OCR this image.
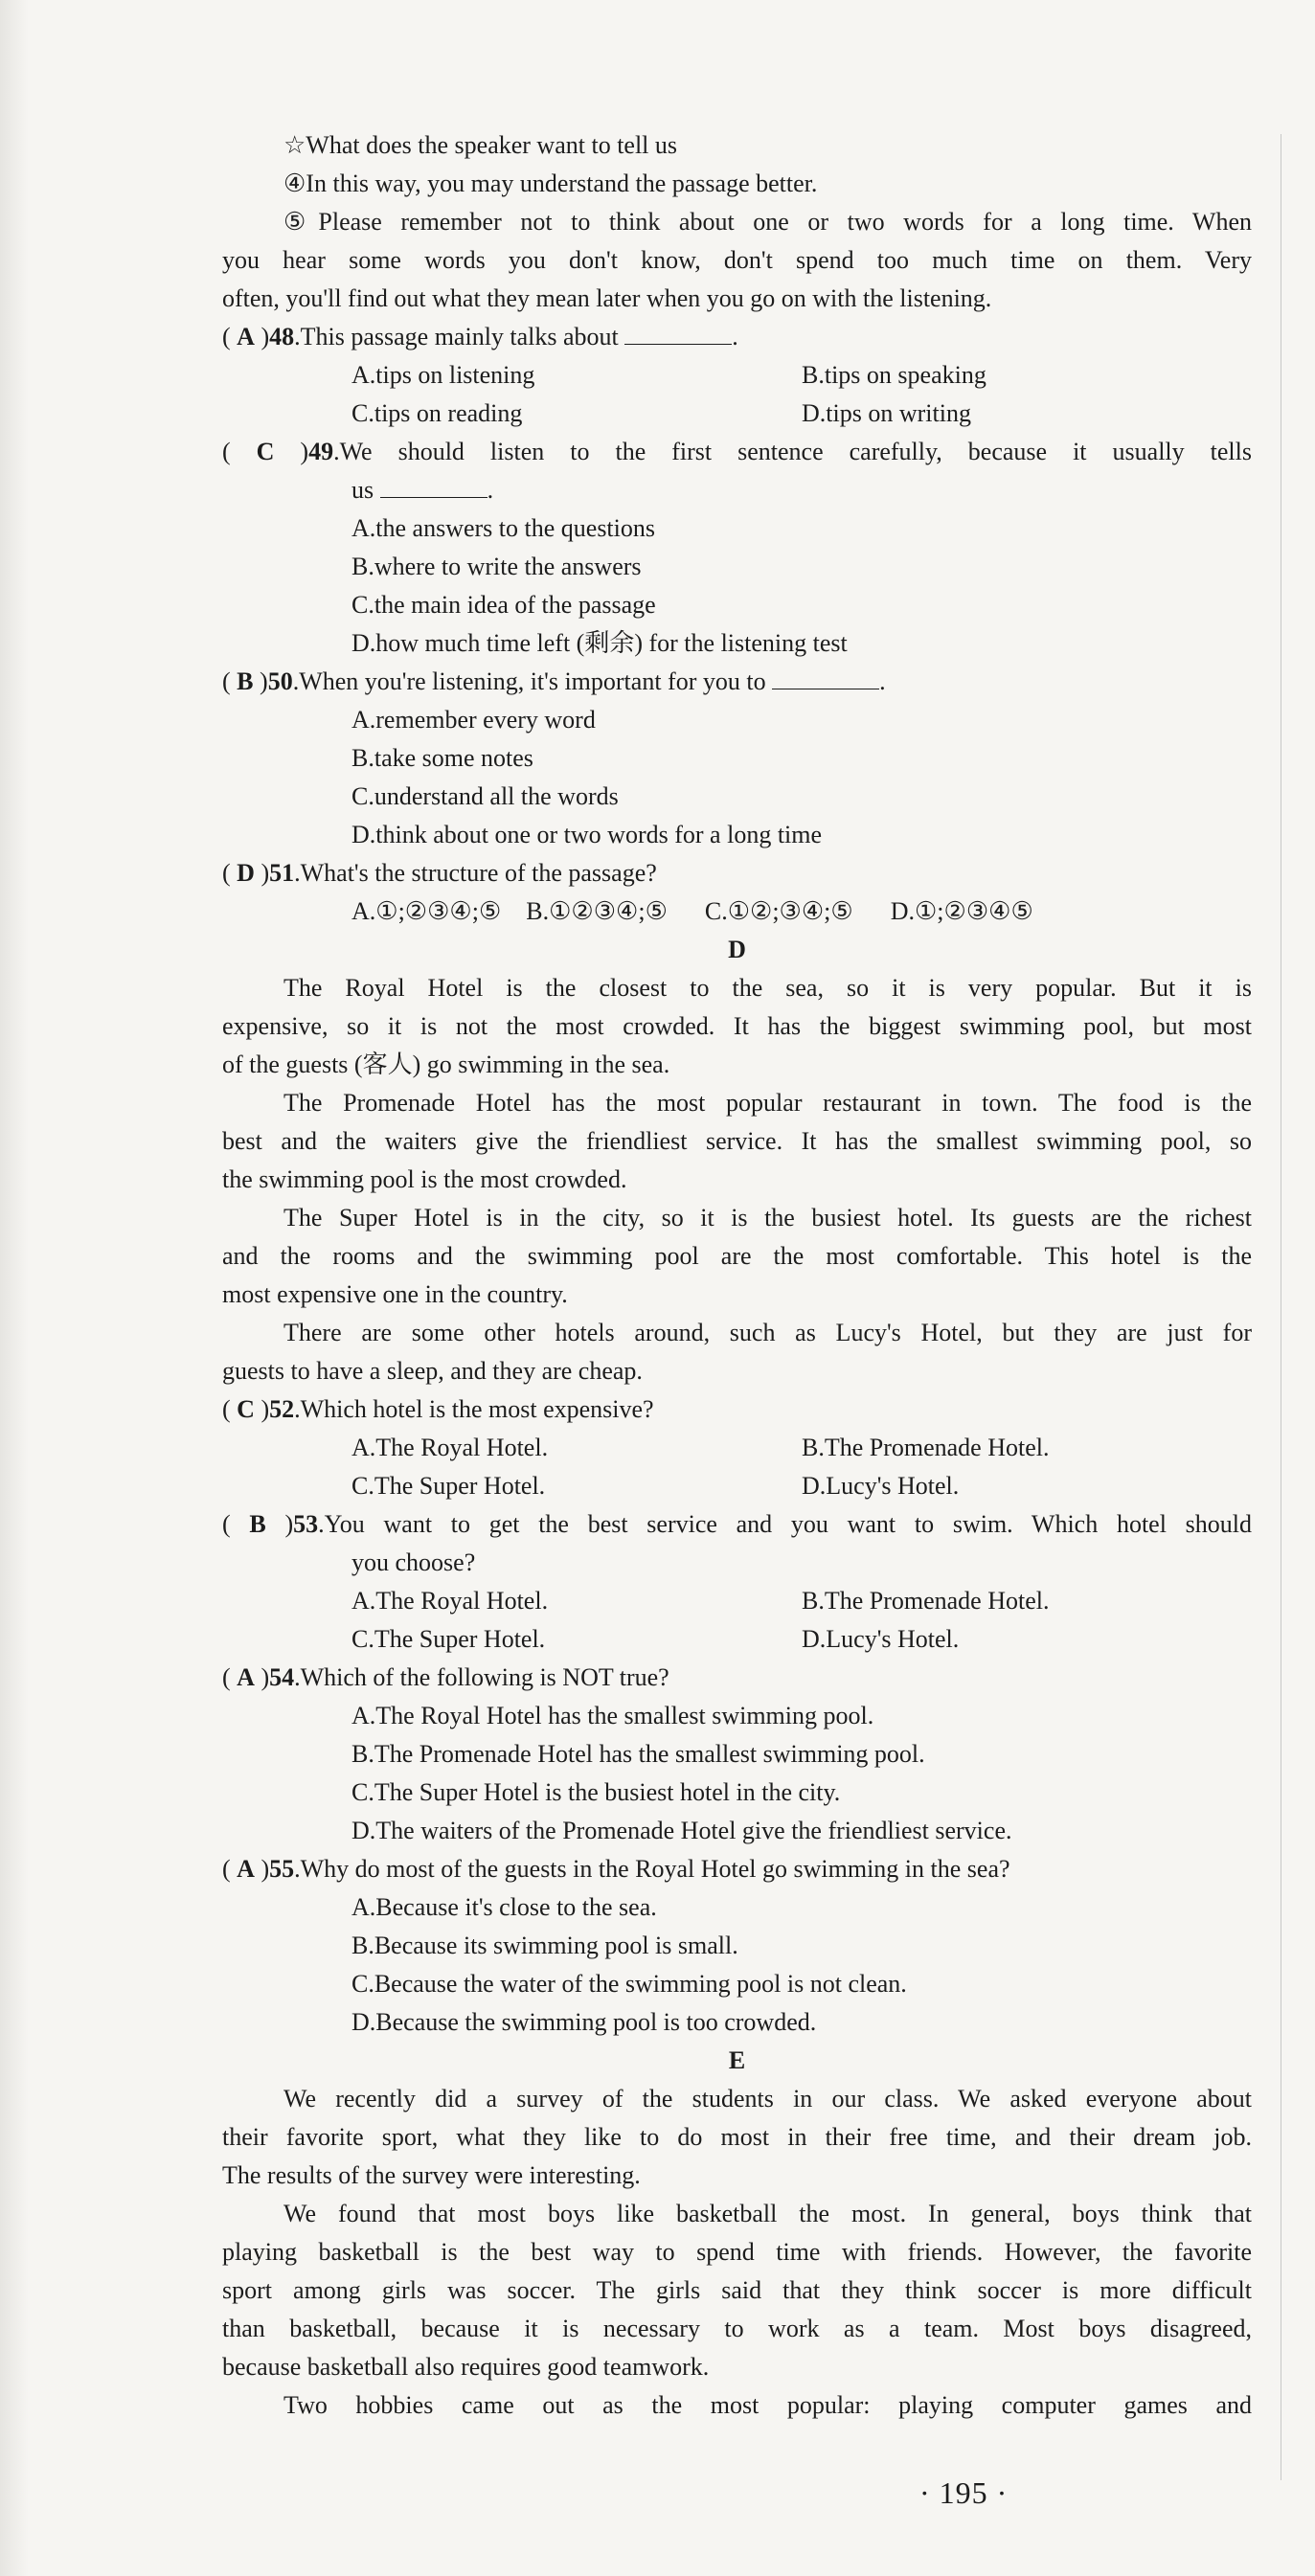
☆What does the speaker want to tell us
④In this way, you may understand the passage better.
⑤Please remember not to think about one or two words for a long time. When
you hear some words you don't know, don't spend too much time on them. Very
often, you'll find out what they mean later when you go on with the listening.
( A )48.This passage mainly talks about	.
A.tips on listening	B.tips on speaking
C.tips on reading	D.tips on writing
( C )49.We should listen to the first sentence carefully, because it usually tells
us	.
A.the answers to the questions
B.where to write the answers
C.the main idea of the passage
D.how much time left (剩余) for the listening test
( B )50.When you're listening, it's important for you to	.
A.remember every word
B.take some notes
C.understand all the words
D.think about one or two words for a long time
( D )51.What's the structure of the passage?
A.①;②③④;⑤    B.①②③④;⑤      C.①②;③④;⑤      D.①;②③④⑤
D
The Royal Hotel is the closest to the sea, so it is very popular. But it is
expensive, so it is not the most crowded. It has the biggest swimming pool, but most
of the guests (客人) go swimming in the sea.
The Promenade Hotel has the most popular restaurant in town. The food is the
best and the waiters give the friendliest service. It has the smallest swimming pool, so
the swimming pool is the most crowded.
The Super Hotel is in the city, so it is the busiest hotel. Its guests are the richest
and the rooms and the swimming pool are the most comfortable. This hotel is the
most expensive one in the country.
There are some other hotels around, such as Lucy's Hotel, but they are just for
guests to have a sleep, and they are cheap.
( C )52.Which hotel is the most expensive?
A.The Royal Hotel.	B.The Promenade Hotel.
C.The Super Hotel.	D.Lucy's Hotel.
( B )53.You want to get the best service and you want to swim. Which hotel should
you choose?
A.The Royal Hotel.	B.The Promenade Hotel.
C.The Super Hotel.	D.Lucy's Hotel.
( A )54.Which of the following is NOT true?
A.The Royal Hotel has the smallest swimming pool.
B.The Promenade Hotel has the smallest swimming pool.
C.The Super Hotel is the busiest hotel in the city.
D.The waiters of the Promenade Hotel give the friendliest service.
( A )55.Why do most of the guests in the Royal Hotel go swimming in the sea?
A.Because it's close to the sea.
B.Because its swimming pool is small.
C.Because the water of the swimming pool is not clean.
D.Because the swimming pool is too crowded.
E
We recently did a survey of the students in our class. We asked everyone about
their favorite sport, what they like to do most in their free time, and their dream job.
The results of the survey were interesting.
We found that most boys like basketball the most. In general, boys think that
playing basketball is the best way to spend time with friends. However, the favorite
sport among girls was soccer. The girls said that they think soccer is more difficult
than basketball, because it is necessary to work as a team. Most boys disagreed,
because basketball also requires good teamwork.
Two hobbies came out as the most popular: playing computer games and
· 195 ·
